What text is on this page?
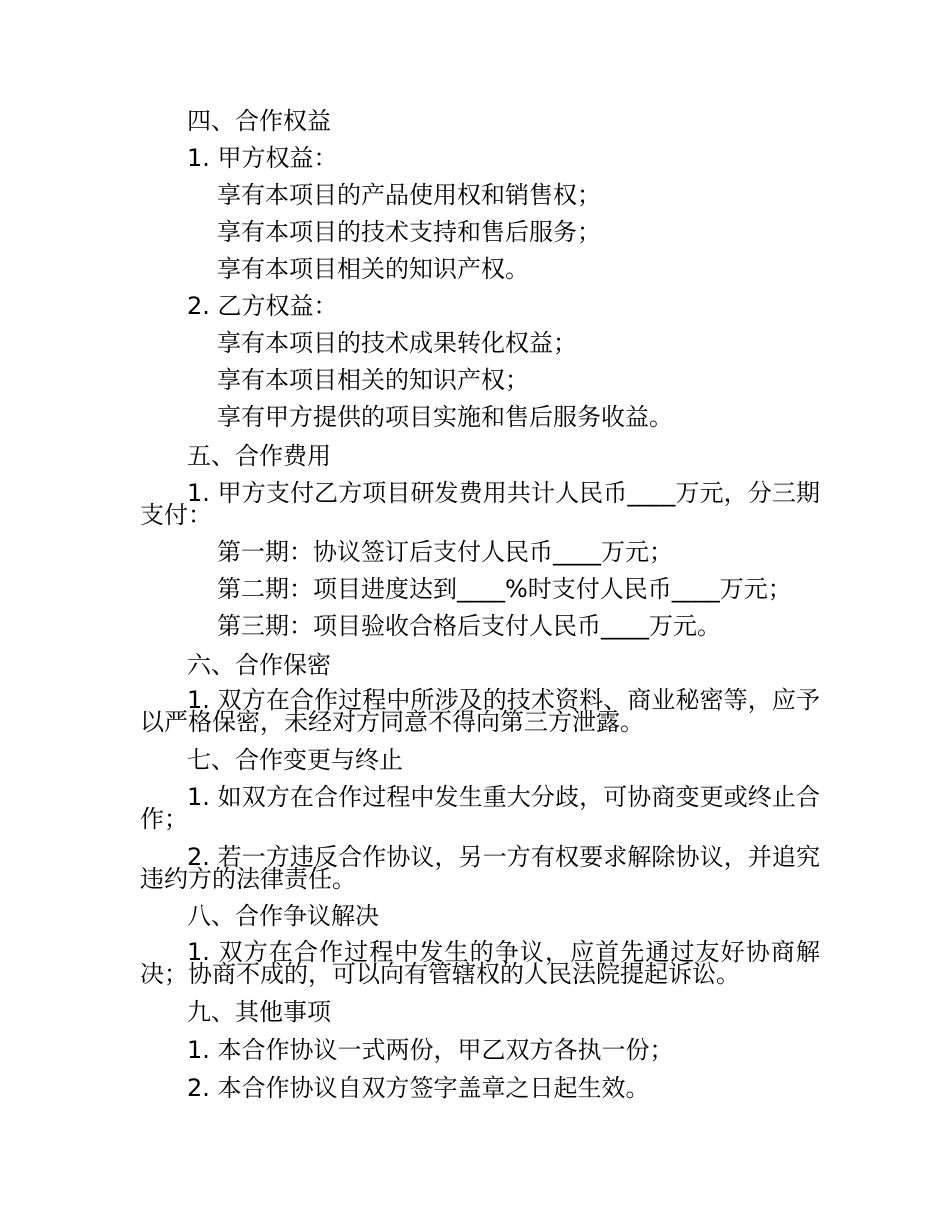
四、合作权益
1. 甲方权益：
享有本项目的产品使用权和销售权；
享有本项目的技术支持和售后服务；
享有本项目相关的知识产权。
2. 乙方权益：
享有本项目的技术成果转化权益；
享有本项目相关的知识产权；
享有甲方提供的项目实施和售后服务收益。
五、合作费用
1. 甲方支付乙方项目研发费用共计人民币____万元，分三期支付：
第一期：协议签订后支付人民币____万元；
第二期：项目进度达到____%时支付人民币____万元；
第三期：项目验收合格后支付人民币____万元。
六、合作保密
1. 双方在合作过程中所涉及的技术资料、商业秘密等，应予以严格保密，未经对方同意不得向第三方泄露。
七、合作变更与终止
1. 如双方在合作过程中发生重大分歧，可协商变更或终止合作；
2. 若一方违反合作协议，另一方有权要求解除协议，并追究违约方的法律责任。
八、合作争议解决
1. 双方在合作过程中发生的争议，应首先通过友好协商解决；协商不成的，可以向有管辖权的人民法院提起诉讼。
九、其他事项
1. 本合作协议一式两份，甲乙双方各执一份；
2. 本合作协议自双方签字盖章之日起生效。
